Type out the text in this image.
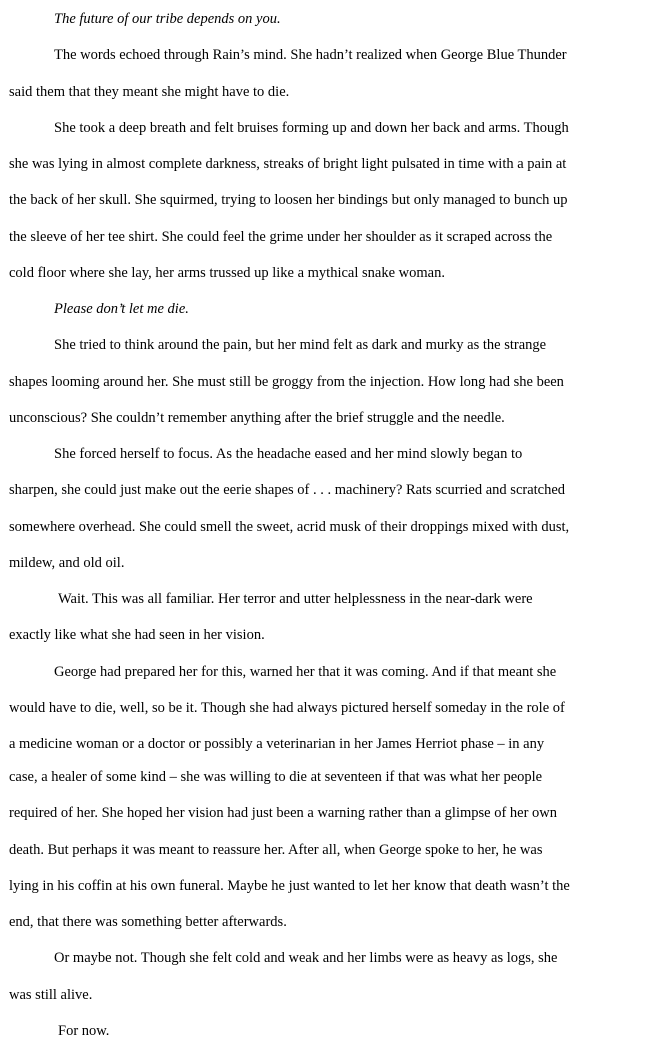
The future of our tribe depends on you.
The words echoed through Rain’s mind. She hadn’t realized when George Blue Thunder
said them that they meant she might have to die.
She took a deep breath and felt bruises forming up and down her back and arms. Though
she was lying in almost complete darkness, streaks of bright light pulsated in time with a pain at
the back of her skull. She squirmed, trying to loosen her bindings but only managed to bunch up
the sleeve of her tee shirt. She could feel the grime under her shoulder as it scraped across the
cold floor where she lay, her arms trussed up like a mythical snake woman.
Please don’t let me die.
She tried to think around the pain, but her mind felt as dark and murky as the strange
shapes looming around her. She must still be groggy from the injection. How long had she been
unconscious? She couldn’t remember anything after the brief struggle and the needle.
She forced herself to focus. As the headache eased and her mind slowly began to
sharpen, she could just make out the eerie shapes of . . . machinery? Rats scurried and scratched
somewhere overhead. She could smell the sweet, acrid musk of their droppings mixed with dust,
mildew, and old oil.
Wait. This was all familiar. Her terror and utter helplessness in the near-dark were
exactly like what she had seen in her vision.
George had prepared her for this, warned her that it was coming. And if that meant she
would have to die, well, so be it. Though she had always pictured herself someday in the role of
a medicine woman or a doctor or possibly a veterinarian in her James Herriot phase – in any
case, a healer of some kind – she was willing to die at seventeen if that was what her people
required of her. She hoped her vision had just been a warning rather than a glimpse of her own
death. But perhaps it was meant to reassure her. After all, when George spoke to her, he was
lying in his coffin at his own funeral. Maybe he just wanted to let her know that death wasn’t the
end, that there was something better afterwards.
Or maybe not. Though she felt cold and weak and her limbs were as heavy as logs, she
was still alive.
For now.
